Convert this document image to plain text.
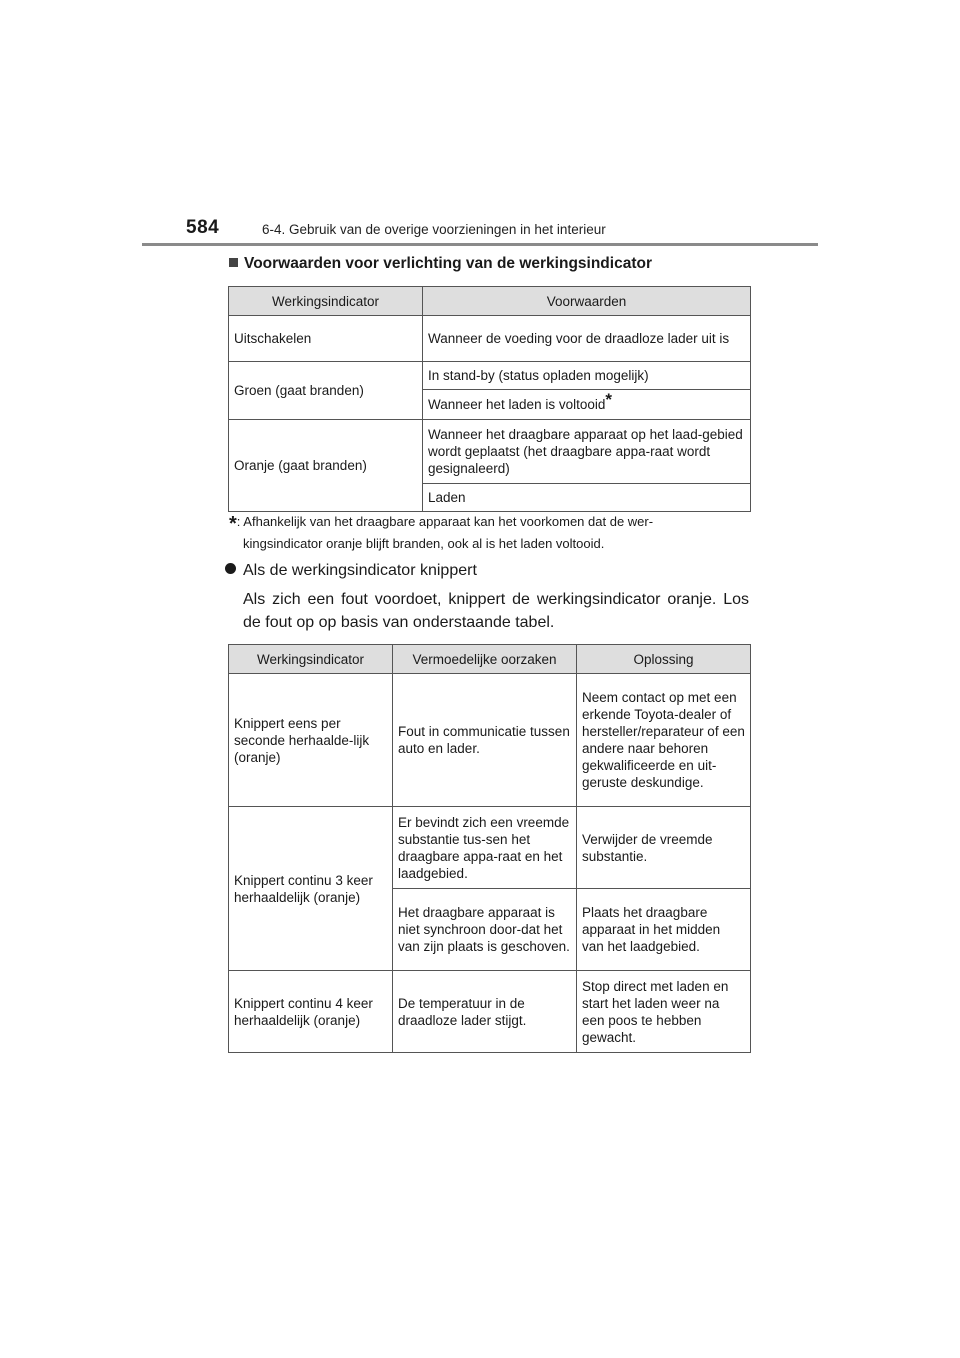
584	6-4. Gebruik van de overige voorzieningen in het interieur
Voorwaarden voor verlichting van de werkingsindicator
Werkingsindicator	Voorwaarden
Uitschakelen	Wanneer de voeding voor de draadloze lader uit is
Groen (gaat branden)	In stand-by (status opladen mogelijk)
	Wanneer het laden is voltooid*
Oranje (gaat branden)	Wanneer het draagbare apparaat op het laad-gebied wordt geplaatst (het draagbare appa-raat wordt gesignaleerd)
	Laden
*: Afhankelijk van het draagbare apparaat kan het voorkomen dat de wer-
kingsindicator oranje blijft branden, ook al is het laden voltooid.
Als de werkingsindicator knippert
Als zich een fout voordoet, knippert de werkingsindicator oranje. Los de fout op op basis van onderstaande tabel.
Werkingsindicator	Vermoedelijke oorzaken	Oplossing
Knippert eens per seconde herhaalde-lijk (oranje)	Fout in communicatie tussen auto en lader.	Neem contact op met een erkende Toyota-dealer of hersteller/reparateur of een andere naar behoren gekwalificeerde en uit-geruste deskundige.
Knippert continu 3 keer herhaaldelijk (oranje)	Er bevindt zich een vreemde substantie tus-sen het draagbare appa-raat en het laadgebied.	Verwijder de vreemde substantie.
	Het draagbare apparaat is niet synchroon door-dat het van zijn plaats is geschoven.	Plaats het draagbare apparaat in het midden van het laadgebied.
Knippert continu 4 keer herhaaldelijk (oranje)	De temperatuur in de draadloze lader stijgt.	Stop direct met laden en start het laden weer na een poos te hebben gewacht.
